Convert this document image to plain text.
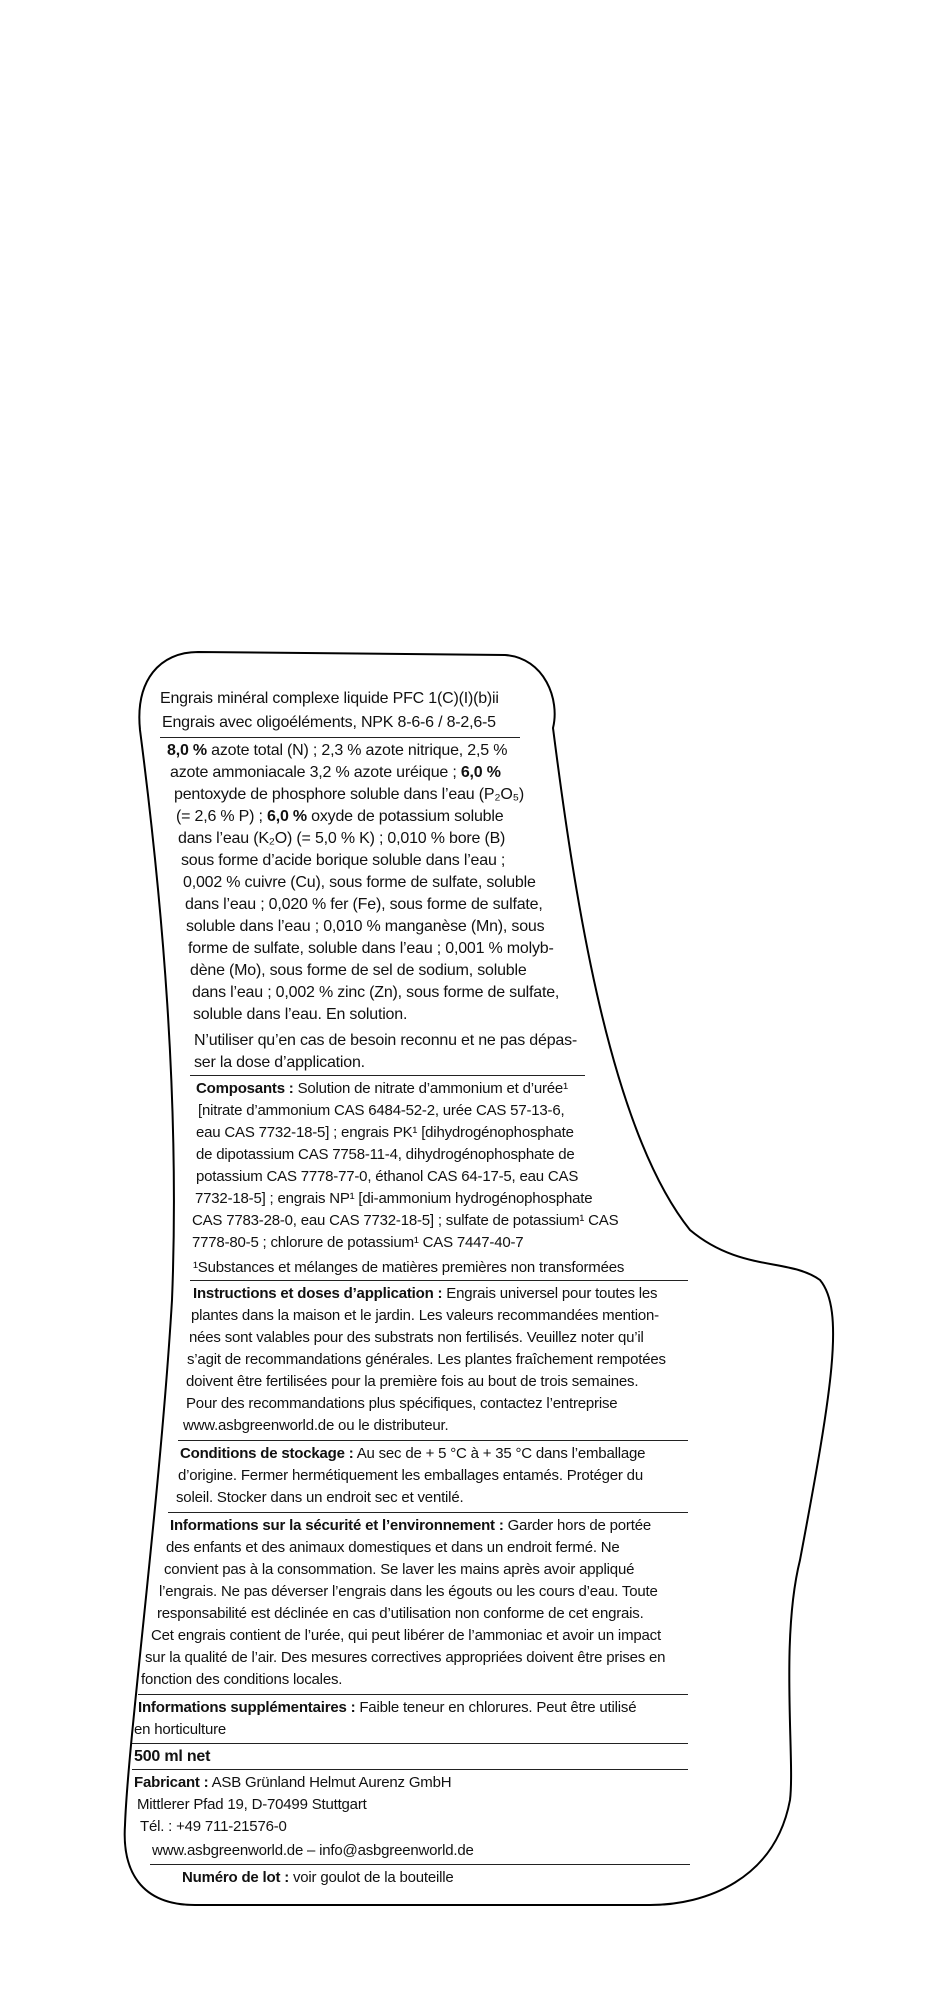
Engrais minéral complexe liquide PFC 1(C)(I)(b)ii
Engrais avec oligoéléments, NPK 8-6-6 / 8-2,6-5
8,0 % azote total (N) ; 2,3 % azote nitrique, 2,5 %
azote ammoniacale 3,2 % azote uréique ; 6,0 %
pentoxyde de phosphore soluble dans l’eau (P₂O₅)
(= 2,6 % P) ; 6,0 % oxyde de potassium soluble
dans l’eau (K₂O) (= 5,0 % K) ; 0,010 % bore (B)
sous forme d’acide borique soluble dans l’eau ;
0,002 % cuivre (Cu), sous forme de sulfate, soluble
dans l’eau ; 0,020 % fer (Fe), sous forme de sulfate,
soluble dans l’eau ; 0,010 % manganèse (Mn), sous
forme de sulfate, soluble dans l’eau ; 0,001 % molyb-
dène (Mo), sous forme de sel de sodium, soluble
dans l’eau ; 0,002 % zinc (Zn), sous forme de sulfate,
soluble dans l’eau. En solution.
N’utiliser qu’en cas de besoin reconnu et ne pas dépas-
ser la dose d’application.
Composants : Solution de nitrate d’ammonium et d’urée¹
[nitrate d’ammonium CAS 6484-52-2, urée CAS 57-13-6,
eau CAS 7732-18-5] ; engrais PK¹ [dihydrogénophosphate
de dipotassium CAS 7758-11-4, dihydrogénophosphate de
potassium CAS 7778-77-0, éthanol CAS 64-17-5, eau CAS
7732-18-5] ; engrais NP¹ [di-ammonium hydrogénophosphate
CAS 7783-28-0, eau CAS 7732-18-5] ; sulfate de potassium¹ CAS
7778-80-5 ; chlorure de potassium¹ CAS 7447-40-7
¹Substances et mélanges de matières premières non transformées
Instructions et doses d’application : Engrais universel pour toutes les
plantes dans la maison et le jardin. Les valeurs recommandées mention-
nées sont valables pour des substrats non fertilisés. Veuillez noter qu’il
s’agit de recommandations générales. Les plantes fraîchement rempotées
doivent être fertilisées pour la première fois au bout de trois semaines.
Pour des recommandations plus spécifiques, contactez l’entreprise
www.asbgreenworld.de ou le distributeur.
Conditions de stockage : Au sec de + 5 °C à + 35 °C dans l’emballage
d’origine. Fermer hermétiquement les emballages entamés. Protéger du
soleil. Stocker dans un endroit sec et ventilé.
Informations sur la sécurité et l’environnement : Garder hors de portée
des enfants et des animaux domestiques et dans un endroit fermé. Ne
convient pas à la consommation. Se laver les mains après avoir appliqué
l’engrais. Ne pas déverser l’engrais dans les égouts ou les cours d’eau. Toute
responsabilité est déclinée en cas d’utilisation non conforme de cet engrais.
Cet engrais contient de l’urée, qui peut libérer de l’ammoniac et avoir un impact
sur la qualité de l’air. Des mesures correctives appropriées doivent être prises en
fonction des conditions locales.
Informations supplémentaires : Faible teneur en chlorures. Peut être utilisé
en horticulture
500 ml net
Fabricant : ASB Grünland Helmut Aurenz GmbH
Mittlerer Pfad 19, D-70499 Stuttgart
Tél. : +49 711-21576-0
www.asbgreenworld.de – info@asbgreenworld.de
Numéro de lot : voir goulot de la bouteille
